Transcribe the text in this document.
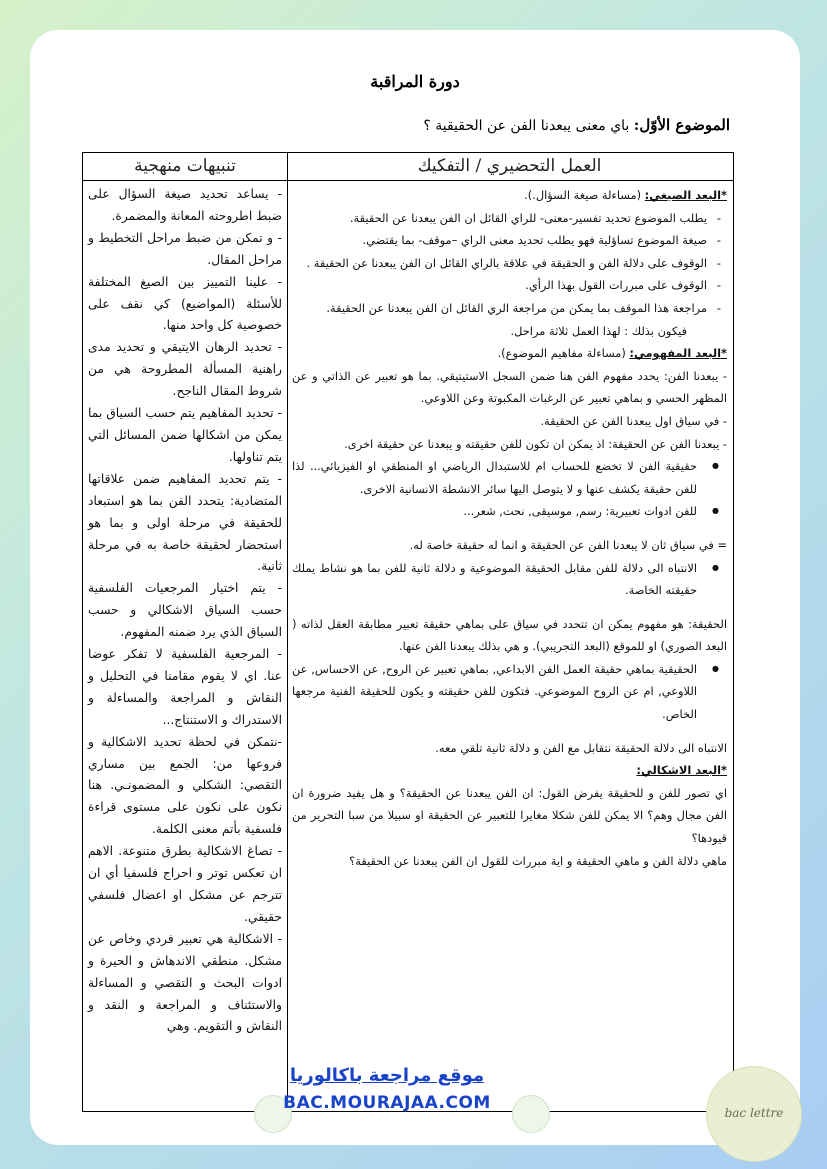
دورة المراقبة
الموضوع الأوّل: باي معنى يبعدنا الفن عن الحقيقية ؟
العمل التحضيري / التفكيك

*البعد الصيغي: (مساءلة صيغة السؤال.).

- يطلب الموضوع تحديد تفسير-معنى- للراي القائل ان الفن يبعدنا عن الحقيقة.

- صيغة الموضوع تساؤلية فهو يطلب تحديد معنى الراي –موقف- بما يقتضي.

- الوقوف على دلالة الفن و الحقيقة في علاقة بالراي القائل ان الفن يبعدنا عن الحقيقة .

- الوقوف على مبررات القول بهذا الرأي.

- مراجعة هذا الموقف بما يمكن من مراجعة الري القائل ان الفن يبعدنا عن الحقيقة.

فيكون بذلك : لهذا العمل ثلاثة مراحل.

*البعد المفهومي: (مساءلة مفاهيم الموضوع).

- يبعدنا الفن: يحدد مفهوم الفن هنا ضمن السجل الاستيتيقي. بما هو تعبير عن الذاتي و عن المظهر الحسي و بماهي تعبير عن الرغبات المكبوتة وعن اللاوعي.

- في سياق اول يبعدنا الفن عن الحقيقة.

- يبعدنا الفن عن الحقيقة: اذ يمكن ان تكون للفن حقيقته و يبعدنا عن حقيقة اخرى.

● حقيقية الفن لا تخضع للحساب ام للاستبدال الرياضي او المنطقي او الفيزيائي... لذا للفن حقيقة يكشف عنها و لا يتوصل اليها سائر الانشطة الانسانية الاخرى.

● للفن ادوات تعبيرية: رسم, موسيقى, نحت, شعر...

= في سياق ثان لا يبعدنا الفن عن الحقيقة و انما له حقيقة خاصة له.

● الانتباه الى دلالة للفن مقابل الحقيقة الموضوعية و دلالة ثانية للفن بما هو نشاط يملك حقيقته الخاصة.

الحقيقة: هو مفهوم يمكن ان تتحدد في سياق على بماهي حقيقة تعبير مطابقة العقل لذاته ( البعد الصوري) او للموقع (البعد التجريبي). و هي بذلك يبعدنا الفن عنها.

● الحقيقية بماهي حقيقة العمل الفن الابداعي, بماهي تعبير عن الروح, عن الاحساس, عن اللاوعي, ام عن الروح الموضوعي. فتكون للفن حقيقته و يكون للحقيقة الفنية مرجعها الخاص.

الانتباه الى دلالة الحقيقة نتقابل مع الفن و دلالة ثانية تلقي معه.

*البعد الاشكالي:

اي تصور للفن و للحقيقة يفرض القول: ان الفن يبعدنا عن الحقيقة؟ و هل يفيد ضرورة ان الفن مجال وهم؟ الا يمكن للفن شكلا مغايرا للتعبير عن الحقيقة او سبيلا من سبا التحرير من قيودها؟

ماهي دلالة الفن و ماهي الحقيقة و اية مبررات للقول ان الفن يبعدنا عن الحقيقة؟

تنبيهات منهجية

- يساعد تحديد صيغة السؤال على ضبط اطروحته المعانة والمضمرة.

- و تمكن من ضبط مراحل التخطيط و مراحل المقال.

- علينا التمييز بين الصيغ المختلفة للأسئلة (المواضيع) كي نقف على خصوصية كل واحد منها.

- تحديد الرهان الايتيقي و تحديد مدى راهنية المسألة المطروحة هي من شروط المقال الناجح.

- تحديد المفاهيم يتم حسب السياق بما يمكن من اشكالها ضمن المسائل التي يتم تناولها.

- يتم تحديد المفاهيم ضمن علاقاتها المتضادية: يتحدد الفن بما هو استبعاد للحقيقة في مرحلة اولى و بما هو استحضار لحقيقة خاصة به في مرحلة ثانية.

- يتم اختيار المرجعيات الفلسفية حسب السياق الاشكالي و حسب السياق الذي يرد ضمنه المفهوم.

- المرجعية الفلسفية لا تفكر عوضا عنا. اي لا يقوم مقامنا في التحليل و النقاش و المراجعة والمساءلة و الاستدراك و الاستنتاج...

-نتمكن في لحظة تحديد الاشكالية و فروعها من: الجمع بين مساري التقصي: الشكلي و المضمونـي. هنا نكون على نكون على مستوى قراءة فلسفية بأتم معنى الكلمة.

- تصاغ الاشكالية بطرق متنوعة. الاهم ان تعكس توتر و احراج فلسفيا أي ان تترجم عن مشكل او اعضال فلسفي حقيقي.

- الاشكالية هي تعبير فردي وخاص عن مشكل. منطقي الاندهاش و الحيرة و ادوات البحث و التقصي و المساءلة والاستئناف و المراجعة و النقد و النقاش و التقويم. وهي

موقع مراجعة باكالوريا
BAC.MOURAJAA.COM	bac lettre
